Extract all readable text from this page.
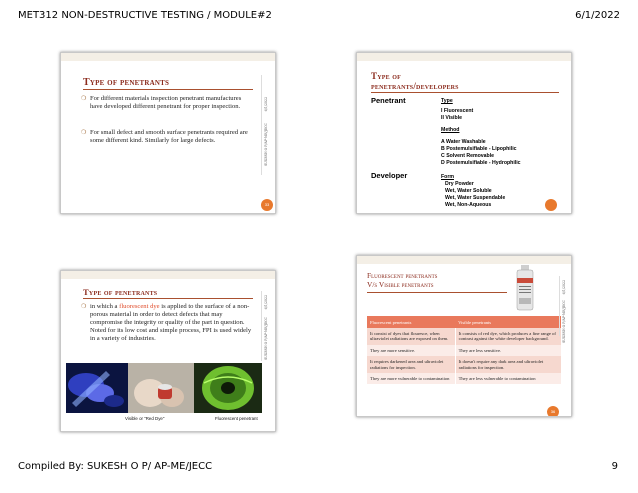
MET312 NON-DESTRUCTIVE TESTING / MODULE#2	6/1/2022
Type of penetrants
❍ For different materials inspection penetrant manufactures have developed different penetrant for proper inspection.
❍ For small defect and smooth surface penetrants required are some different kind. Similarly for large defects.
6/1/2022
SUKESH O P/AP-ME/JECC
33
Type of
penetrants/developers
Penetrant	Type
I Fluorescent
II Visible
Method
A Water Washable
B Postemulsifiable - Lipophilic
C Solvent Removable
D Postemulsifiable - Hydrophilic
Developer	Form
Dry Powder
Wet, Water Soluble
Wet, Water Suspendable
Wet, Non-Aqueous
Type of penetrants
❍ in which a fluorescent dye is applied to the surface of a non-porous material in order to detect defects that may compromise the integrity or quality of the part in question. Noted for its low cost and simple process, FPI is used widely in a variety of industries.
Visible or "Red Dye"	Fluorescent penetrant
6/1/2022
SUKESH O P/AP-ME/JECC
Fluorescent penetrants
V/s Visible penetrants
Fluorescent penetrants	Visible penetrants
It consist of dyes that flouresce, when ultraviolet radiations are exposed on them.	It consists of red dye, which produces a fine range of contrast against the white developer background.
They are more sensitive.	They are less sensitive.
It requires darkened area and ultraviolet radiations for inspection.	It doesn't require any dark area and ultraviolet radiations for inspection.
They are more vulnerable to contamination	They are less vulnerable to contamination
6/1/2022
SUKESH O P/AP-ME/JECC
36
Compiled By: SUKESH O P/ AP-ME/JECC	9
